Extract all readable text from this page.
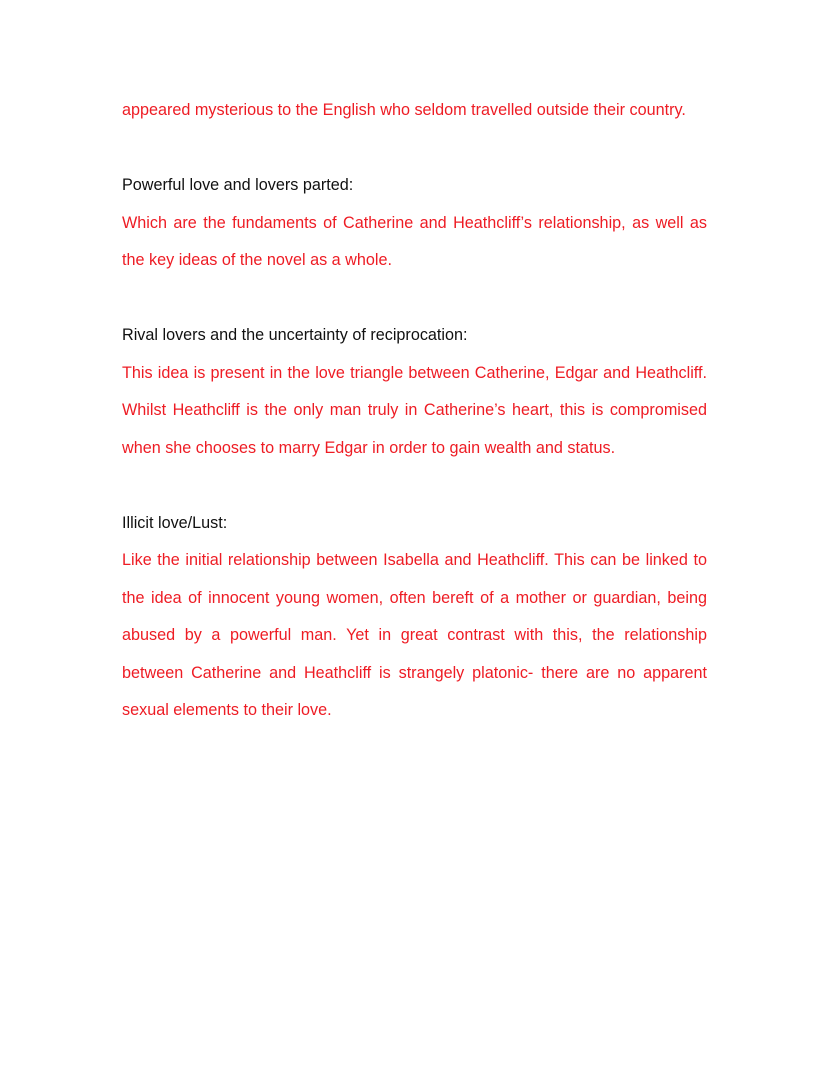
appeared mysterious to the English who seldom travelled outside their country.

Powerful love and lovers parted:

Which are the fundaments of Catherine and Heathcliff’s relationship, as well as the key ideas of the novel as a whole.

Rival lovers and the uncertainty of reciprocation:

This idea is present in the love triangle between Catherine, Edgar and Heathcliff. Whilst Heathcliff is the only man truly in Catherine’s heart, this is compromised when she chooses to marry Edgar in order to gain wealth and status.

Illicit love/Lust:

Like the initial relationship between Isabella and Heathcliff. This can be linked to the idea of innocent young women, often bereft of a mother or guardian, being abused by a powerful man. Yet in great contrast with this, the relationship between Catherine and Heathcliff is strangely platonic- there are no apparent sexual elements to their love.
